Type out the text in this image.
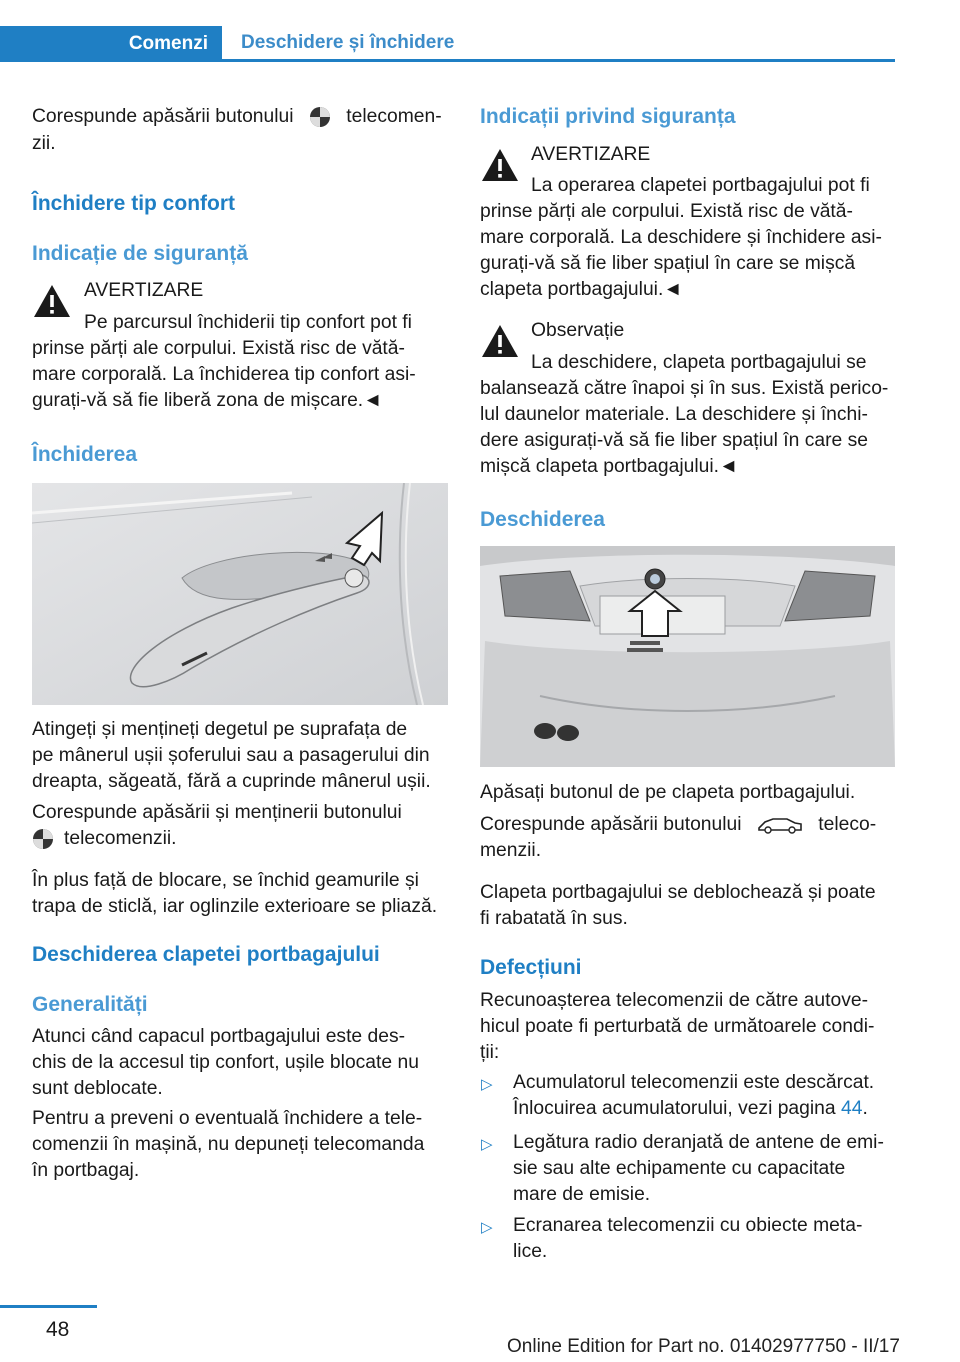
Comenzi	Deschidere și închidere

Corespunde apăsării butonului	telecomen‐

zii.

Închidere tip confort
Indicație de siguranță

AVERTIZARE

Pe parcursul închiderii tip confort pot fi

prinse părți ale corpului. Există risc de vătă‐

mare corporală. La închiderea tip confort asi‐

gurați-vă să fie liberă zona de mișcare.◄

Închiderea

Atingeți și mențineți degetul pe suprafața de

pe mânerul ușii șoferului sau a pasagerului din

dreapta, săgeată, fără a cuprinde mânerul ușii.

Corespunde apăsării și menținerii butonului

telecomenzii.

În plus față de blocare, se închid geamurile și

trapa de sticlă, iar oglinzile exterioare se pliază.

Deschiderea clapetei portbagajului
Generalități

Atunci când capacul portbagajului este des‐

chis de la accesul tip confort, ușile blocate nu

sunt deblocate.

Pentru a preveni o eventuală închidere a tele‐

comenzii în mașină, nu depuneți telecomanda

în portbagaj.

Indicații privind siguranța

AVERTIZARE

La operarea clapetei portbagajului pot fi

prinse părți ale corpului. Există risc de vătă‐

mare corporală. La deschidere și închidere asi‐

gurați-vă să fie liber spațiul în care se mișcă

clapeta portbagajului.◄

Observație

La deschidere, clapeta portbagajului se

balansează către înapoi și în sus. Există perico‐

lul daunelor materiale. La deschidere și închi‐

dere asigurați-vă să fie liber spațiul în care se

mișcă clapeta portbagajului.◄

Deschiderea

Apăsați butonul de pe clapeta portbagajului.

Corespunde apăsării butonului	teleco‐

menzii.

Clapeta portbagajului se deblochează și poate

fi rabatată în sus.

Defecțiuni

Recunoașterea telecomenzii de către autove‐

hicul poate fi perturbată de următoarele condi‐

ții:

▷ Acumulatorul telecomenzii este descărcat.

Înlocuirea acumulatorului, vezi pagina 44.

▷ Legătura radio deranjată de antene de emi‐

sie sau alte echipamente cu capacitate

mare de emisie.

▷ Ecranarea telecomenzii cu obiecte meta‐

lice.

48
Online Edition for Part no. 01402977750 - II/17
